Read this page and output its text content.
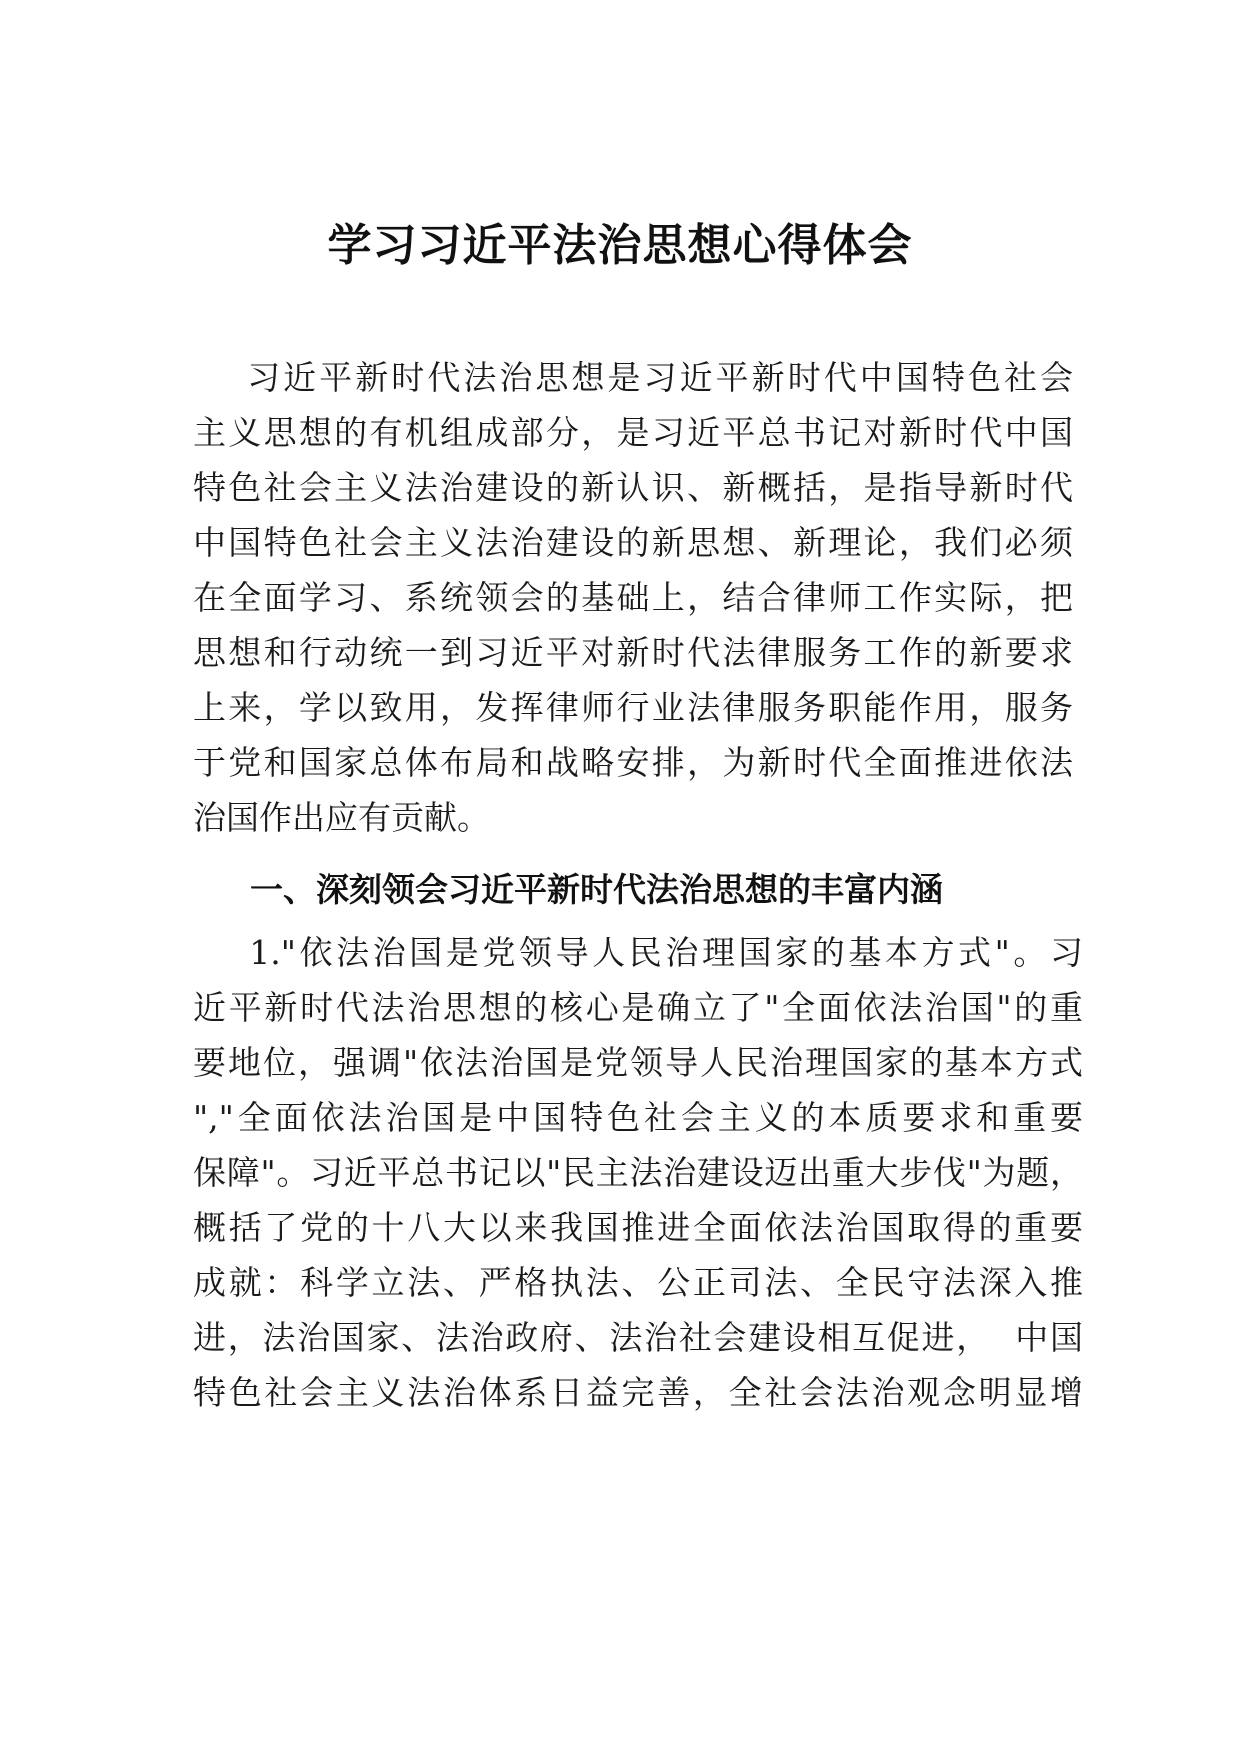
学习习近平法治思想心得体会
习近平新时代法治思想是习近平新时代中国特色社会
主义思想的有机组成部分，是习近平总书记对新时代中国
特色社会主义法治建设的新认识、新概括，是指导新时代
中国特色社会主义法治建设的新思想、新理论，我们必须
在全面学习、系统领会的基础上，结合律师工作实际，把
思想和行动统一到习近平对新时代法律服务工作的新要求
上来，学以致用，发挥律师行业法律服务职能作用，服务
于党和国家总体布局和战略安排，为新时代全面推进依法
治国作出应有贡献。
一、深刻领会习近平新时代法治思想的丰富内涵
1."依法治国是党领导人民治理国家的基本方式"。习
近平新时代法治思想的核心是确立了"全面依法治国"的重
要地位，强调"依法治国是党领导人民治理国家的基本方式
","全面依法治国是中国特色社会主义的本质要求和重要
保障"。习近平总书记以"民主法治建设迈出重大步伐"为题，
概括了党的十八大以来我国推进全面依法治国取得的重要
成就：科学立法、严格执法、公正司法、全民守法深入推
进，法治国家、法治政府、法治社会建设相互促进，  中国
特色社会主义法治体系日益完善，全社会法治观念明显增
